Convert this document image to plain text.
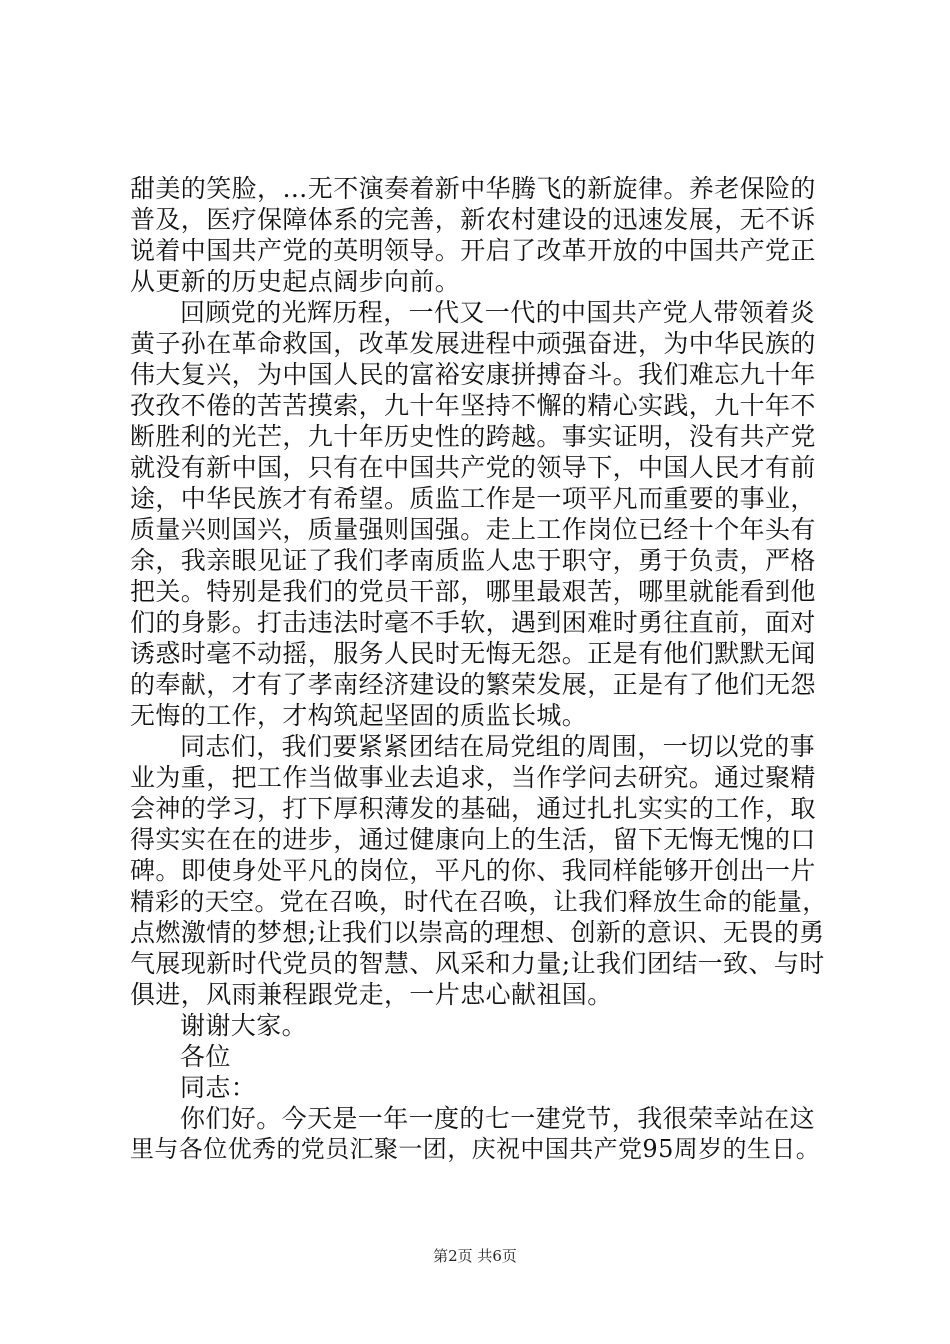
甜美的笑脸，…无不演奏着新中华腾飞的新旋律。养老保险的
普及，医疗保障体系的完善，新农村建设的迅速发展，无不诉
说着中国共产党的英明领导。开启了改革开放的中国共产党正
从更新的历史起点阔步向前。
回顾党的光辉历程，一代又一代的中国共产党人带领着炎
黄子孙在革命救国，改革发展进程中顽强奋进，为中华民族的
伟大复兴，为中国人民的富裕安康拼搏奋斗。我们难忘九十年
孜孜不倦的苦苦摸索，九十年坚持不懈的精心实践，九十年不
断胜利的光芒，九十年历史性的跨越。事实证明，没有共产党
就没有新中国，只有在中国共产党的领导下，中国人民才有前
途，中华民族才有希望。质监工作是一项平凡而重要的事业，
质量兴则国兴，质量强则国强。走上工作岗位已经十个年头有
余，我亲眼见证了我们孝南质监人忠于职守，勇于负责，严格
把关。特别是我们的党员干部，哪里最艰苦，哪里就能看到他
们的身影。打击违法时毫不手软，遇到困难时勇往直前，面对
诱惑时毫不动摇，服务人民时无悔无怨。正是有他们默默无闻
的奉献，才有了孝南经济建设的繁荣发展，正是有了他们无怨
无悔的工作，才构筑起坚固的质监长城。
同志们，我们要紧紧团结在局党组的周围，一切以党的事
业为重，把工作当做事业去追求，当作学问去研究。通过聚精
会神的学习，打下厚积薄发的基础，通过扎扎实实的工作，取
得实实在在的进步，通过健康向上的生活，留下无悔无愧的口
碑。即使身处平凡的岗位，平凡的你、我同样能够开创出一片
精彩的天空。党在召唤，时代在召唤，让我们释放生命的能量，
点燃激情的梦想;让我们以崇高的理想、创新的意识、无畏的勇
气展现新时代党员的智慧、风采和力量;让我们团结一致、与时
俱进，风雨兼程跟党走，一片忠心献祖国。
谢谢大家。
各位
同志：
你们好。今天是一年一度的七一建党节，我很荣幸站在这
里与各位优秀的党员汇聚一团，庆祝中国共产党95周岁的生日。
第2页 共6页
